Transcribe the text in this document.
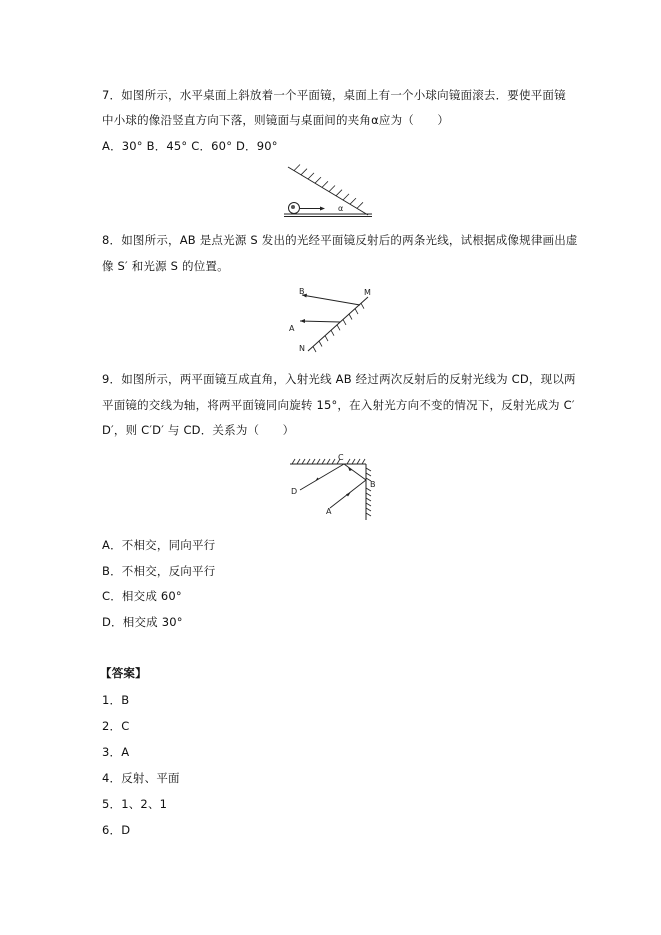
7．如图所示，水平桌面上斜放着一个平面镜，桌面上有一个小球向镜面滚去．要使平面镜
中小球的像沿竖直方向下落，则镜面与桌面间的夹角α应为（　　）
A．30° B．45° C．60° D．90°
α
8．如图所示，AB 是点光源 S 发出的光经平面镜反射后的两条光线，试根据成像规律画出虚
像 S′ 和光源 S 的位置。
B	M
A
N
9．如图所示，两平面镜互成直角，入射光线 AB 经过两次反射后的反射光线为 CD，现以两
平面镜的交线为轴，将两平面镜同向旋转 15°，在入射光方向不变的情况下，反射光成为 C′
D′，则 C′D′ 与 CD．关系为（　　）
C
D
B
A
A．不相交，同向平行
B．不相交，反向平行
C．相交成 60°
D．相交成 30°
【答案】
1．B
2．C
3．A
4．反射、平面
5．1、2、1
6．D
